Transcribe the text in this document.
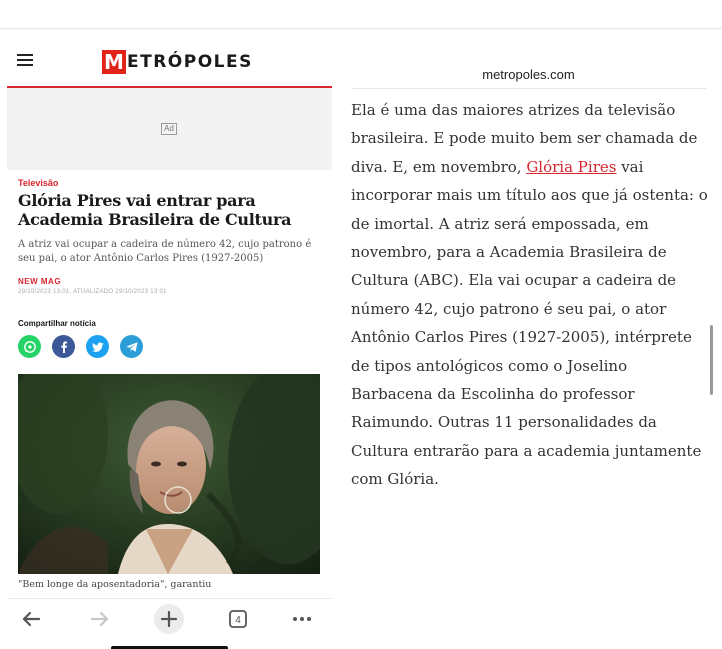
M ETRÓPOLES
Ad
Televisão
Glória Pires vai entrar para Academia Brasileira de Cultura

A atriz vai ocupar a cadeira de número 42, cujo patrono é seu pai, o ator Antônio Carlos Pires (1927-2005)

NEW MAG
29/10/2023 13:01, ATUALIZADO 29/10/2023 13:01
Compartilhar notícia
"Bem longe da aposentadoria", garantiu
4
metropoles.com

Ela é uma das maiores atrizes da televisão brasileira. E pode muito bem ser chamada de diva. E, em novembro, Glória Pires vai incorporar mais um título aos que já ostenta: o de imortal. A atriz será empossada, em novembro, para a Academia Brasileira de Cultura (ABC). Ela vai ocupar a cadeira de número 42, cujo patrono é seu pai, o ator Antônio Carlos Pires (1927-2005), intérprete de tipos antológicos como o Joselino Barbacena da Escolinha do professor Raimundo. Outras 11 personalidades da Cultura entrarão para a academia juntamente com Glória.
